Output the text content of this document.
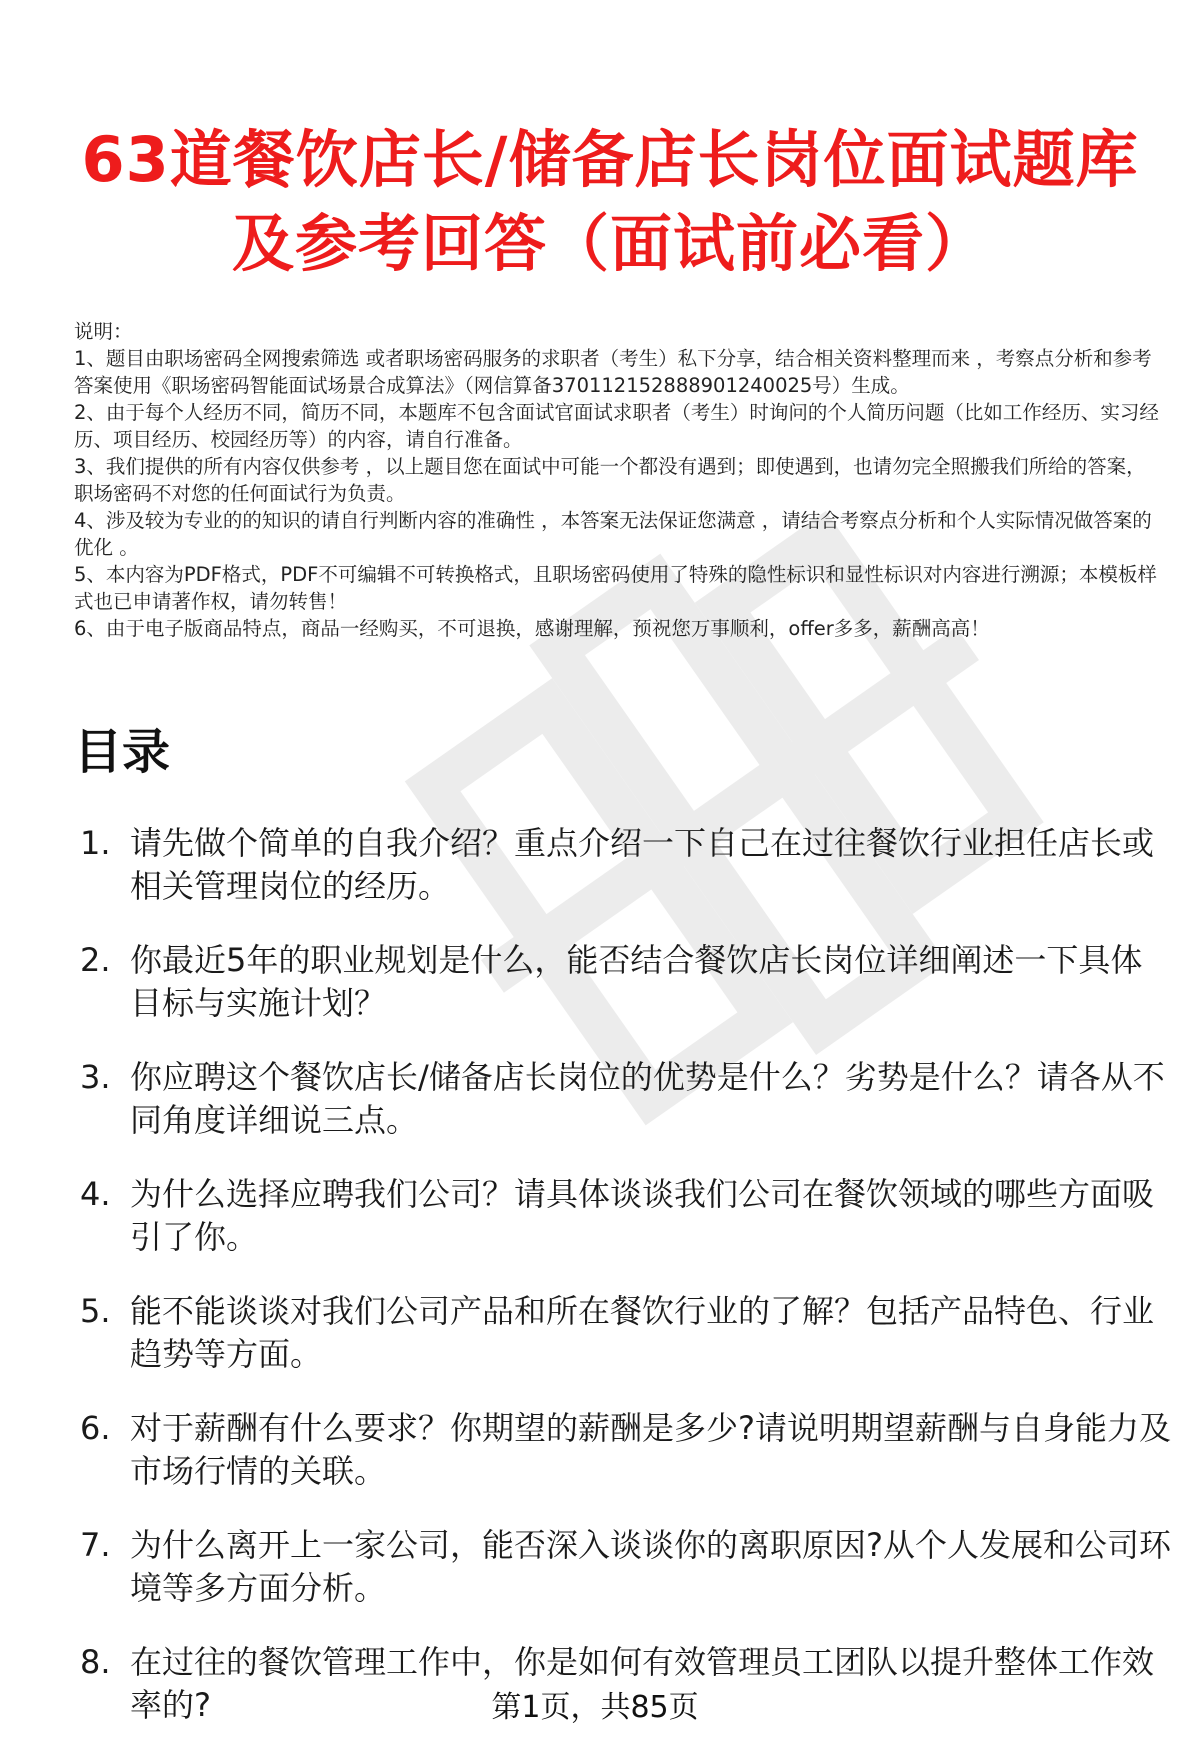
63道餐饮店长/储备店长岗位面试题库及参考回答（面试前必看）
说明：
1、题目由职场密码全网搜索筛选 或者职场密码服务的求职者（考生）私下分享，结合相关资料整理而来 ，考察点分析和参考答案使用《职场密码智能面试场景合成算法》（网信算备370112152888901240025号）生成。
2、由于每个人经历不同，简历不同，本题库不包含面试官面试求职者（考生）时询问的个人简历问题（比如工作经历、实习经历、项目经历、校园经历等）的内容，请自行准备。
3、我们提供的所有内容仅供参考 ，以上题目您在面试中可能一个都没有遇到；即使遇到，也请勿完全照搬我们所给的答案，职场密码不对您的任何面试行为负责。
4、涉及较为专业的的知识的请自行判断内容的准确性 ，本答案无法保证您满意 ，请结合考察点分析和个人实际情况做答案的优化 。
5、本内容为PDF格式，PDF不可编辑不可转换格式，且职场密码使用了特殊的隐性标识和显性标识对内容进行溯源；本模板样式也已申请著作权，请勿转售！
6、由于电子版商品特点，商品一经购买，不可退换，感谢理解，预祝您万事顺利，offer多多，薪酬高高！
目录
1. 请先做个简单的自我介绍？重点介绍一下自己在过往餐饮行业担任店长或相关管理岗位的经历。
2. 你最近5年的职业规划是什么，能否结合餐饮店长岗位详细阐述一下具体目标与实施计划？
3. 你应聘这个餐饮店长/储备店长岗位的优势是什么？劣势是什么？请各从不同角度详细说三点。
4. 为什么选择应聘我们公司？请具体谈谈我们公司在餐饮领域的哪些方面吸引了你。
5. 能不能谈谈对我们公司产品和所在餐饮行业的了解？包括产品特色、行业趋势等方面。
6. 对于薪酬有什么要求？你期望的薪酬是多少?请说明期望薪酬与自身能力及市场行情的关联。
7. 为什么离开上一家公司，能否深入谈谈你的离职原因?从个人发展和公司环境等多方面分析。
8. 在过往的餐饮管理工作中，你是如何有效管理员工团队以提升整体工作效率的?	第1页，共85页
